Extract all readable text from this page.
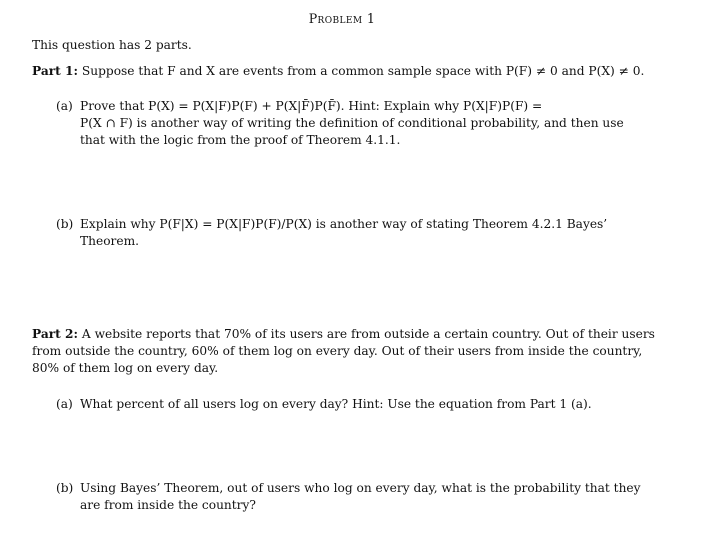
Problem 1
This question has 2 parts.
Part 1: Suppose that F and X are events from a common sample space with P(F) ≠ 0 and P(X) ≠ 0.
(a) Prove that P(X) = P(X|F)P(F) + P(X|F̄)P(F̄). Hint: Explain why P(X|F)P(F) =
P(X ∩ F) is another way of writing the definition of conditional probability, and then use
that with the logic from the proof of Theorem 4.1.1.
(b) Explain why P(F|X) = P(X|F)P(F)/P(X) is another way of stating Theorem 4.2.1 Bayes’
Theorem.
Part 2: A website reports that 70% of its users are from outside a certain country. Out of their users
from outside the country, 60% of them log on every day. Out of their users from inside the country,
80% of them log on every day.
(a) What percent of all users log on every day? Hint: Use the equation from Part 1 (a).
(b) Using Bayes’ Theorem, out of users who log on every day, what is the probability that they
are from inside the country?
